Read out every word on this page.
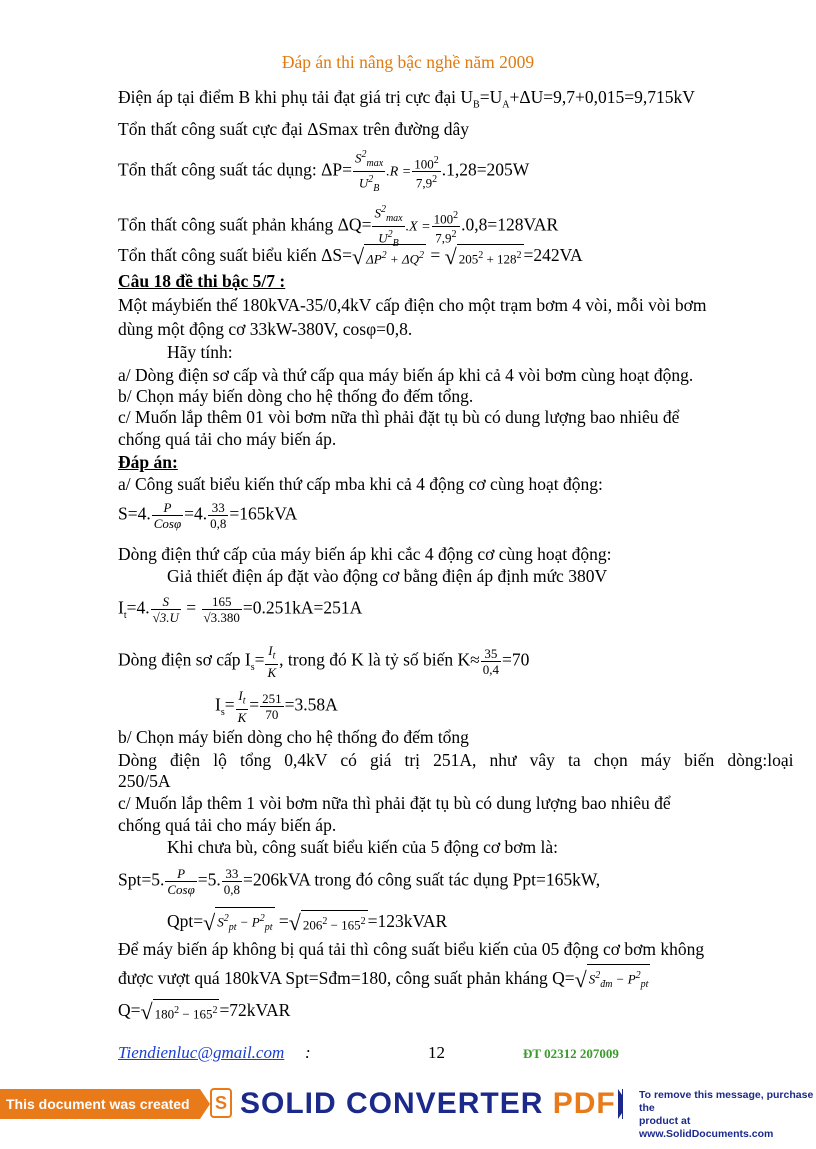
Đáp án thi nâng bậc nghề năm 2009
Điện áp tại điểm B khi phụ tải đạt giá trị cực đại $U_B=U_A+\Delta U=9,7+0,015=9,715kV$
Tổn thất công suất cực đại ΔSmax trên đường dây
Tổn thất công suất tác dụng: $\Delta P= \frac{S^2_{max}}{U^2_B} .R = \frac{100^2}{7,9^2} .1,28=205W$
Tổn thất công suất phản kháng $\Delta Q= \frac{S^2_{max}}{U^2_B} .X = \frac{100^2}{7,9^2} .0,8=128VAR$
Tổn thất công suất biểu kiến ΔS=√ $\Delta P^2 + \Delta Q^2$ = √ $205^2 + 128^2 =242VA$
Câu 18 đề thi bậc 5/7 :
Một máybiến thế 180kVA-35/0,4kV cấp điện cho một trạm bơm 4 vòi, mỗi vòi bơm
dùng một động cơ 33kW-380V, cosφ=0,8.
Hãy tính:
a/ Dòng điện sơ cấp và thứ cấp qua máy biến áp khi cả 4 vòi bơm cùng hoạt động.
b/ Chọn máy biến dòng cho hệ thống đo đếm tổng.
c/ Muốn lắp thêm 01 vòi bơm nữa thì phải đặt tụ bù có dung lượng bao nhiêu để
chống quá tải cho máy biến áp.
Đáp án:
a/ Công suất biểu kiến thứ cấp mba khi cả 4 động cơ cùng hoạt động:
S=4. $\frac{P}{\text{Cosφ}} =4$. $\frac{33}{0,8} =165kVA$
Dòng điện thứ cấp của máy biến áp khi cắc 4 động cơ cùng hoạt động:
Giả thiết điện áp đặt vào động cơ bằng điện áp định mức 380V
$I_t=4$. $\frac{S}{√3.U} = \frac{165}{√3.380} =0.251kA=251A$
Dòng điện sơ cấp $I_s= \frac{I_t}{K}$ , trong đó K là tỷ số biến $K\approx \frac{35}{0,4} =70$
$I_s= \frac{I_t}{K} = \frac{251}{70} =3.58A$
b/ Chọn máy biến dòng cho hệ thống đo đếm tổng
Dòng   điện   lộ   tổng   0,4kV   có   giá   trị   251A,   như   vây   ta   chọn   máy   biến   dòng:loại
250/5A
c/ Muốn lắp thêm 1 vòi bơm nữa thì phải đặt tụ bù có dung lượng bao nhiêu để
chống quá tải cho máy biến áp.
Khi chưa bù, công suất biểu kiến của 5 động cơ bơm là:
Spt=5. $\frac{P}{\text{Cosφ}} =5$. $\frac{33}{0,8} =206kVA$ trong đó công suất tác dụng Ppt=165kW,
Qpt=√ $S^2_{pt} - P^2_{pt}$ =√ $206^2 - 165^2$ =123kVAR
Để máy biến áp không bị quá tải thì công suất biểu kiến của 05 động cơ bơm không
được vượt quá 180kVA Spt=Sđm=180, công suất phản kháng Q=√ $S^2_{đm} - P^2_{pt}$
Q=√ $180^2 - 165^2$ =72kVAR
Tiendienluc@gmail.com :	12	ĐT 02312 207009
This document was created using
S SOLID CONVERTER PDF To remove this message, purchase the
product at www.SolidDocuments.com
